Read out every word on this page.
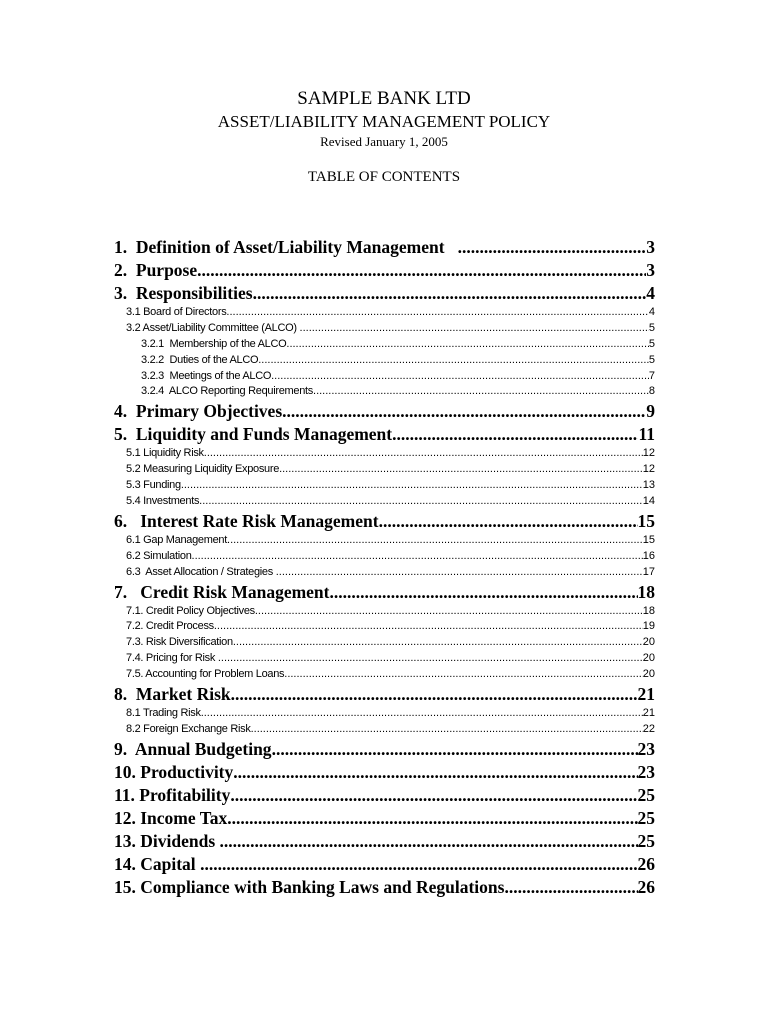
SAMPLE BANK LTD
ASSET/LIABILITY MANAGEMENT POLICY
Revised January 1, 2005
TABLE OF CONTENTS
1.  Definition of Asset/Liability Management .....	3
2.  Purpose .....	3
3.  Responsibilities .....	4
3.1 Board of Directors .....	4
3.2 Asset/Liability Committee (ALCO) .....	5
3.2.1  Membership of the ALCO .....	5
3.2.2  Duties of the ALCO .....	5
3.2.3  Meetings of the ALCO .....	7
3.2.4  ALCO Reporting Requirements .....	8
4.  Primary Objectives .....	9
5.  Liquidity and Funds Management .....	11
5.1 Liquidity Risk .....	12
5.2 Measuring Liquidity Exposure .....	12
5.3 Funding .....	13
5.4 Investments .....	14
6.   Interest Rate Risk Management .....	15
6.1 Gap Management .....	15
6.2 Simulation .....	16
6.3  Asset Allocation / Strategies .....	17
7.   Credit Risk Management .....	18
7.1. Credit Policy Objectives .....	18
7.2. Credit Process .....	19
7.3. Risk Diversification .....	20
7.4. Pricing for Risk .....	20
7.5. Accounting for Problem Loans .....	20
8.  Market Risk .....	21
8.1 Trading Risk .....	21
8.2 Foreign Exchange Risk .....	22
9.  Annual Budgeting .....	23
10. Productivity .....	23
11. Profitability .....	25
12. Income Tax .....	25
13. Dividends .....	25
14. Capital .....	26
15. Compliance with Banking Laws and Regulations .....	26
